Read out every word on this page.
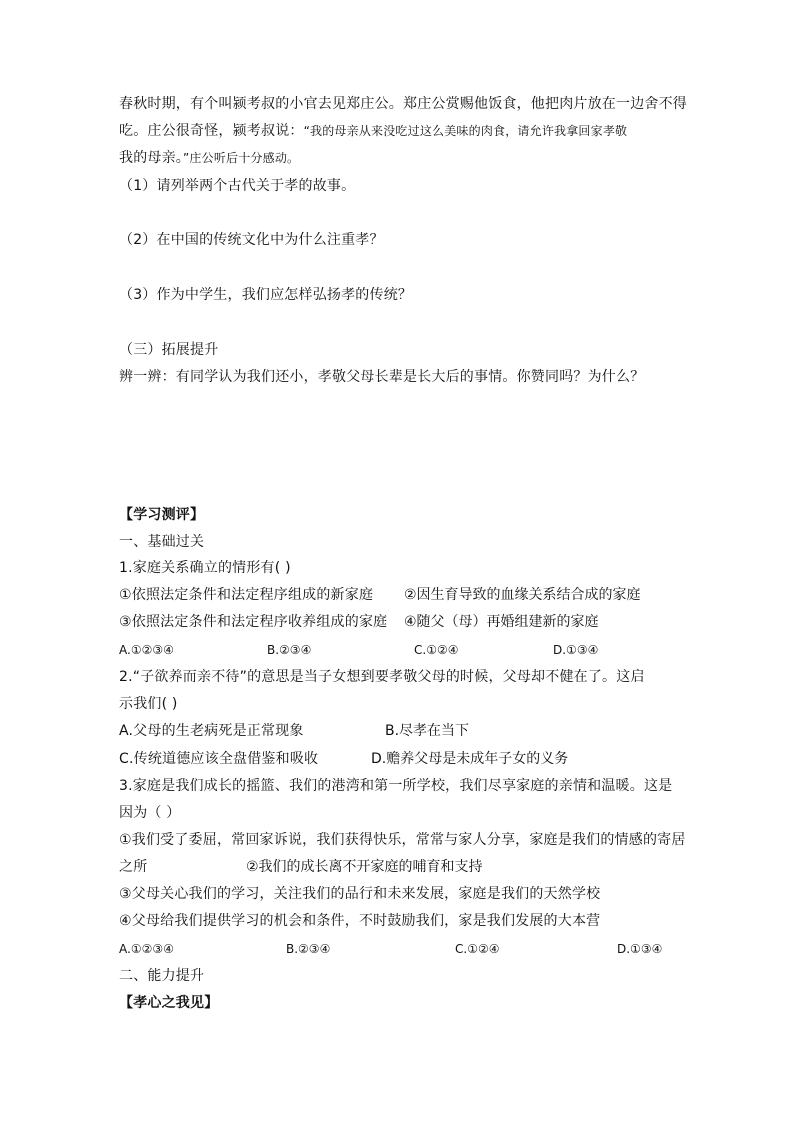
春秋时期，有个叫颍考叔的小官去见郑庄公。郑庄公赏赐他饭食，他把肉片放在一边舍不得
吃。庄公很奇怪，颍考叔说：“我的母亲从来没吃过这么美味的肉食，请允许我拿回家孝敬
我的母亲。”庄公听后十分感动。
（1）请列举两个古代关于孝的故事。
（2）在中国的传统文化中为什么注重孝？
（3）作为中学生，我们应怎样弘扬孝的传统？
（三）拓展提升
辨一辨：有同学认为我们还小，孝敬父母长辈是长大后的事情。你赞同吗？为什么？
【学习测评】
一、基础过关
1.家庭关系确立的情形有( )
①依照法定条件和法定程序组成的新家庭 ②因生育导致的血缘关系结合成的家庭
③依照法定条件和法定程序收养组成的家庭 ④随父（母）再婚组建新的家庭
A.①②③④	B.②③④	C.①②④	D.①③④
2.“子欲养而亲不待”的意思是当子女想到要孝敬父母的时候，父母却不健在了。这启
示我们( )
A.父母的生老病死是正常现象	B.尽孝在当下
C.传统道德应该全盘借鉴和吸收	D.赡养父母是未成年子女的义务
3.家庭是我们成长的摇篮、我们的港湾和第一所学校，我们尽享家庭的亲情和温暖。这是
因为（ ）
①我们受了委屈，常回家诉说，我们获得快乐，常常与家人分享，家庭是我们的情感的寄居
之所	②我们的成长离不开家庭的哺育和支持
③父母关心我们的学习，关注我们的品行和未来发展，家庭是我们的天然学校
④父母给我们提供学习的机会和条件，不时鼓励我们，家是我们发展的大本营
A.①②③④	B.②③④	C.①②④	D.①③④
二、能力提升
【孝心之我见】
